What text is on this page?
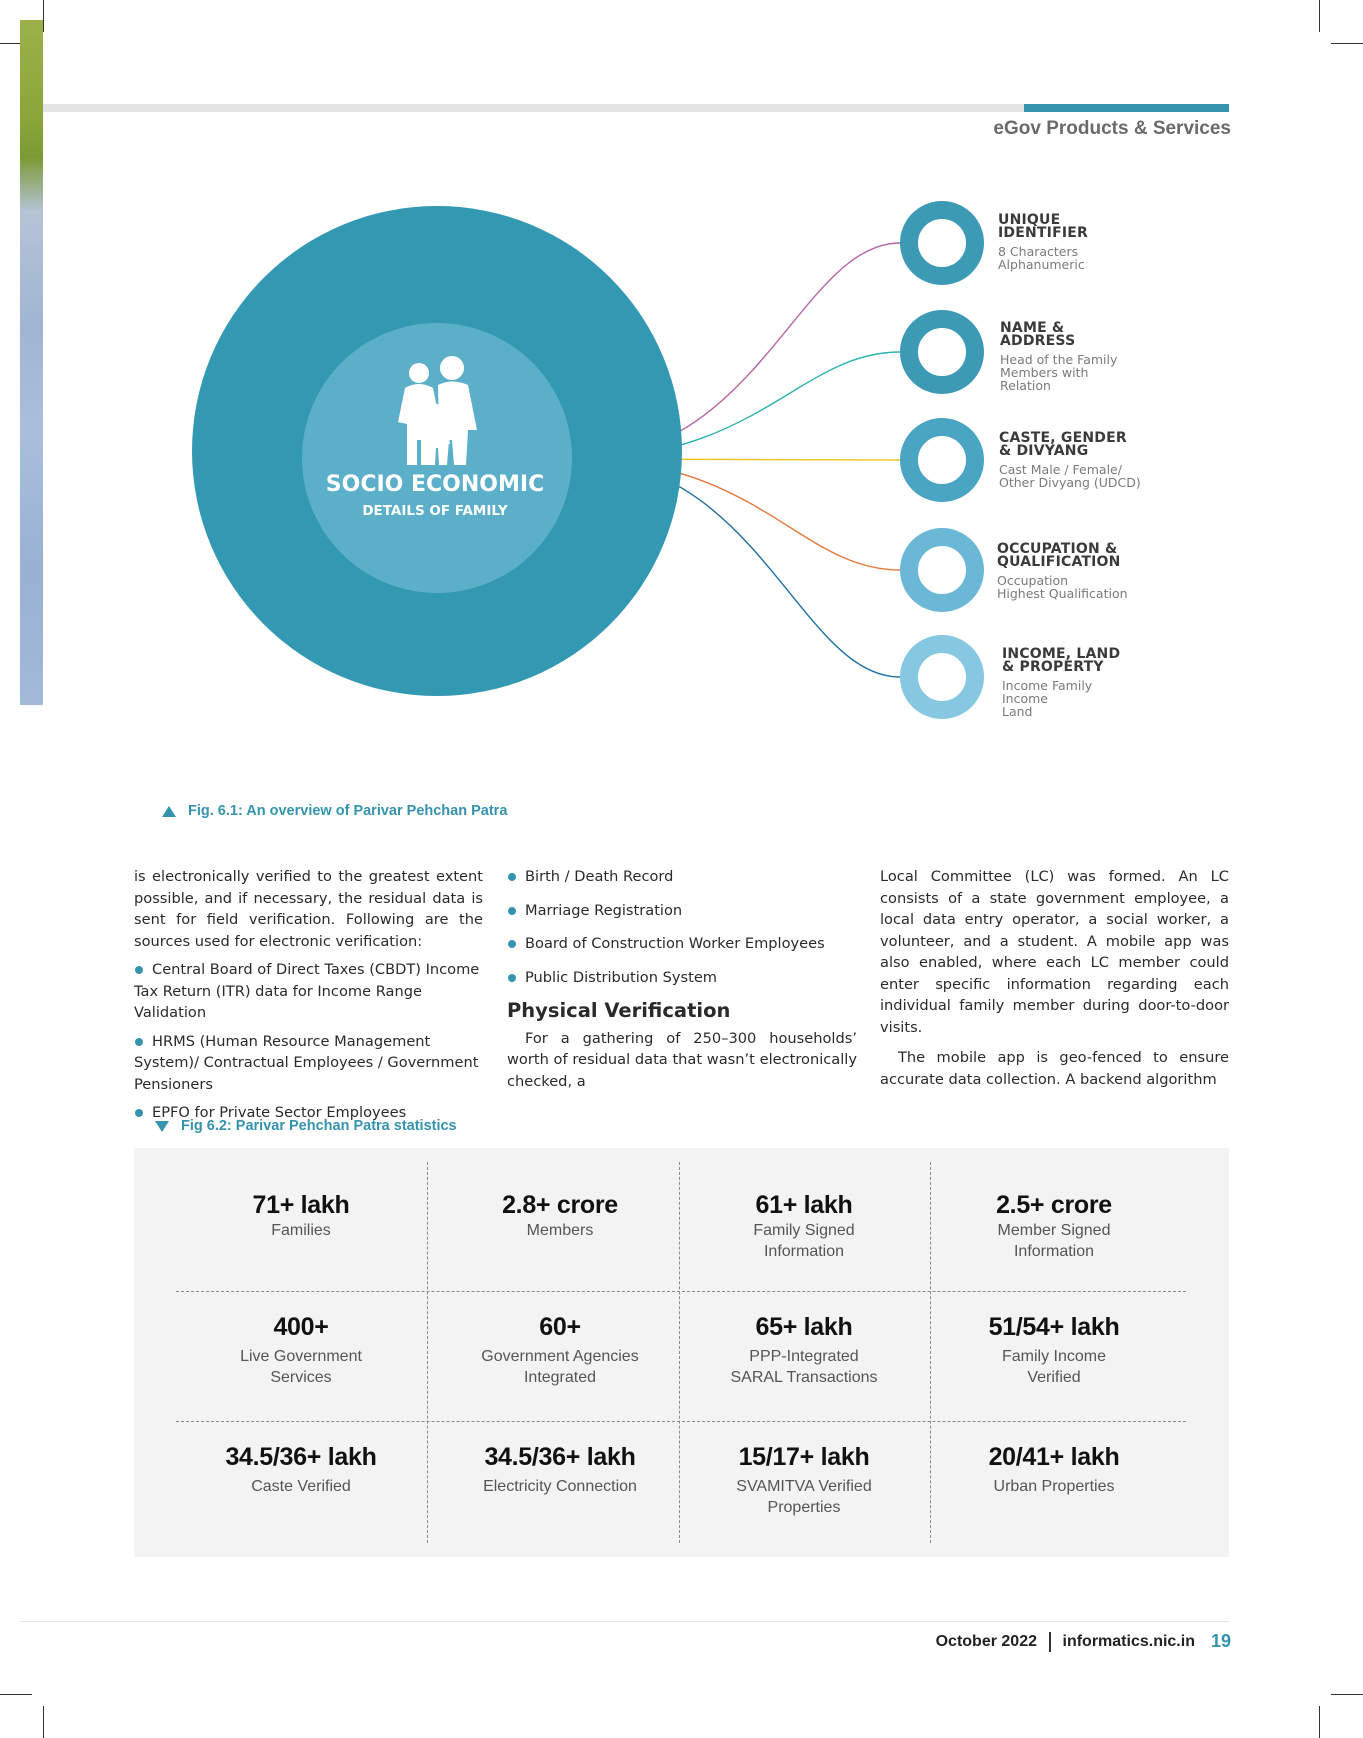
eGov Products & Services
SOCIO ECONOMIC
DETAILS OF FAMILY
UNIQUE
IDENTIFIER
8 Characters
Alphanumeric
NAME &
ADDRESS
Head of the Family
Members with
Relation
CASTE, GENDER
& DIVYANG
Cast Male / Female/
Other Divyang (UDCD)
OCCUPATION &
QUALIFICATION
Occupation
Highest Qualification
INCOME, LAND
& PROPERTY
Income Family
Income
Land
Fig. 6.1: An overview of Parivar Pehchan Patra

is electronically verified to the greatest extent possible, and if necessary, the residual data is sent for field verification. Following are the sources used for electronic verification:

Central Board of Direct Taxes (CBDT) Income Tax Return (ITR) data for Income Range Validation

HRMS (Human Resource Management System)/ Contractual Employees / Government Pensioners

EPFO for Private Sector Employees

Birth / Death Record

Marriage Registration

Board of Construction Worker Employees

Public Distribution System

Physical Verification

For a gathering of 250–300 households’ worth of residual data that wasn’t electronically checked, a

Local Committee (LC) was formed. An LC consists of a state government employee, a local data entry operator, a social worker, a volunteer, and a student. A mobile app was also enabled, where each LC member could enter specific information regarding each individual family member during door-to-door visits.

The mobile app is geo-fenced to ensure accurate data collection. A backend algorithm

Fig 6.2: Parivar Pehchan Patra statistics
71+ lakh
Families
2.8+ crore
Members
61+ lakh
Family Signed
Information
2.5+ crore
Member Signed
Information
400+
Live Government
Services
60+
Government Agencies
Integrated
65+ lakh
PPP-Integrated
SARAL Transactions
51/54+ lakh
Family Income
Verified
34.5/36+ lakh
Caste Verified
34.5/36+ lakh
Electricity Connection
15/17+ lakh
SVAMITVA Verified
Properties
20/41+ lakh
Urban Properties
October 2022 informatics.nic.in 19
